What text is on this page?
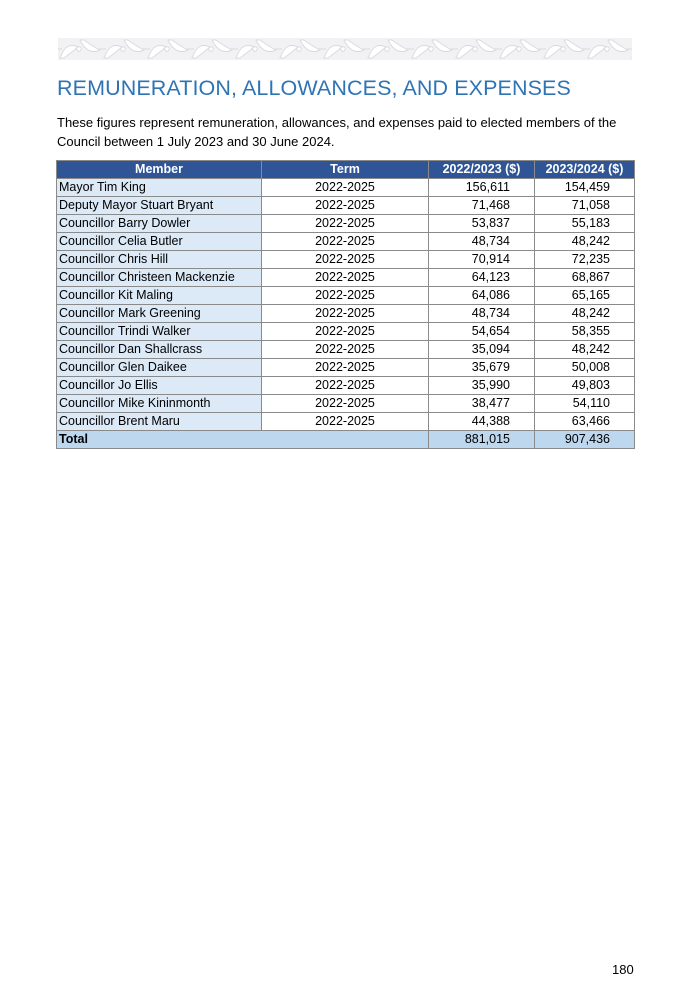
REMUNERATION, ALLOWANCES, AND EXPENSES

These figures represent remuneration, allowances, and expenses paid to elected members of the Council between 1 July 2023 and 30 June 2024.

Member	Term	2022/2023 ($)	2023/2024 ($)
Mayor Tim King	2022-2025	156,611	154,459
Deputy Mayor Stuart Bryant	2022-2025	71,468	71,058
Councillor Barry Dowler	2022-2025	53,837	55,183
Councillor Celia Butler	2022-2025	48,734	48,242
Councillor Chris Hill	2022-2025	70,914	72,235
Councillor Christeen Mackenzie	2022-2025	64,123	68,867
Councillor Kit Maling	2022-2025	64,086	65,165
Councillor Mark Greening	2022-2025	48,734	48,242
Councillor Trindi Walker	2022-2025	54,654	58,355
Councillor Dan Shallcrass	2022-2025	35,094	48,242
Councillor Glen Daikee	2022-2025	35,679	50,008
Councillor Jo Ellis	2022-2025	35,990	49,803
Councillor Mike Kininmonth	2022-2025	38,477	54,110
Councillor Brent Maru	2022-2025	44,388	63,466
Total		881,015	907,436
180
